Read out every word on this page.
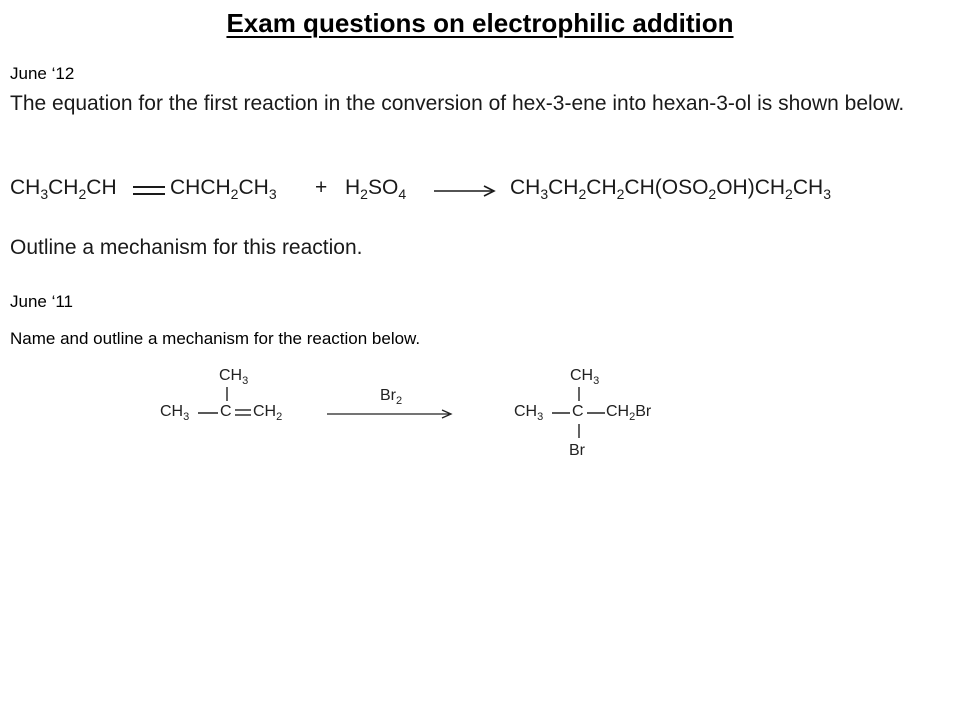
Exam questions on electrophilic addition
June ‘12
The equation for the first reaction in the conversion of hex-3-ene into hexan-3-ol is shown below.
$CH_3CH_2CH$	$CHCH_2CH_3 + H_2SO_4$	$CH_3CH_2CH_2CH(OSO_2OH)CH_2CH_3$
Outline a mechanism for this reaction.
June ‘11
Name and outline a mechanism for the reaction below.
$CH_3$
$CH_3$ C $CH_2$
$Br_2$
$CH_3$
$CH_3$ C $CH_2Br$
Br
